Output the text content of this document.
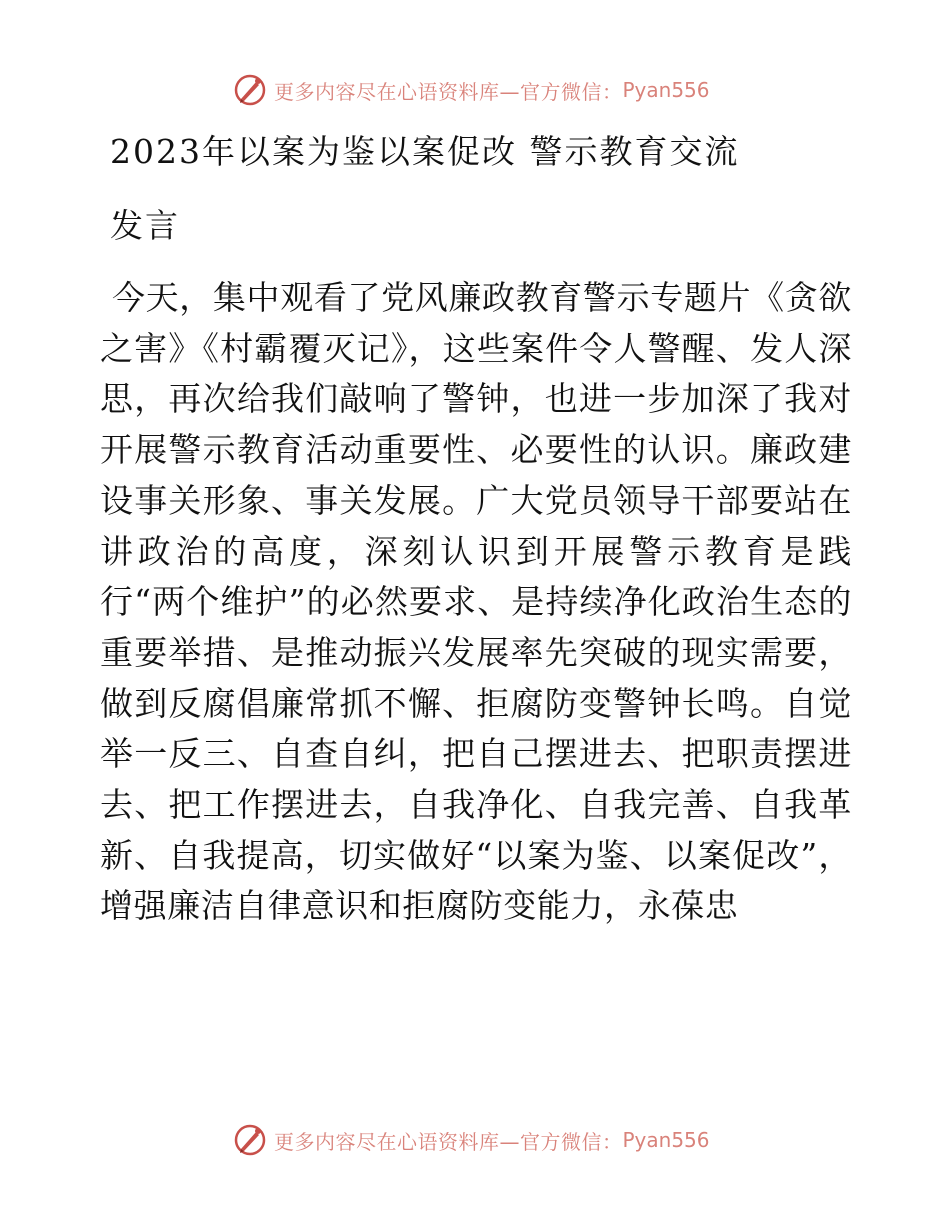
更多内容尽在心语资料库—官方微信： Pyan556
2023年以案为鉴以案促改 警示教育交流
发言
今天，集中观看了党风廉政教育警示专题片《贪欲之害》《村霸覆灭记》，这些案件令人警醒、发人深思，再次给我们敲响了警钟，也进一步加深了我对开展警示教育活动重要性、必要性的认识。廉政建设事关形象、事关发展。广大党员领导干部要站在讲政治的高度，深刻认识到开展警示教育是践行“两个维护”的必然要求、是持续净化政治生态的重要举措、是推动振兴发展率先突破的现实需要，做到反腐倡廉常抓不懈、拒腐防变警钟长鸣。自觉举一反三、自查自纠，把自己摆进去、把职责摆进去、把工作摆进去，自我净化、自我完善、自我革新、自我提高，切实做好“以案为鉴、以案促改”，增强廉洁自律意识和拒腐防变能力，永葆忠
更多内容尽在心语资料库—官方微信： Pyan556
